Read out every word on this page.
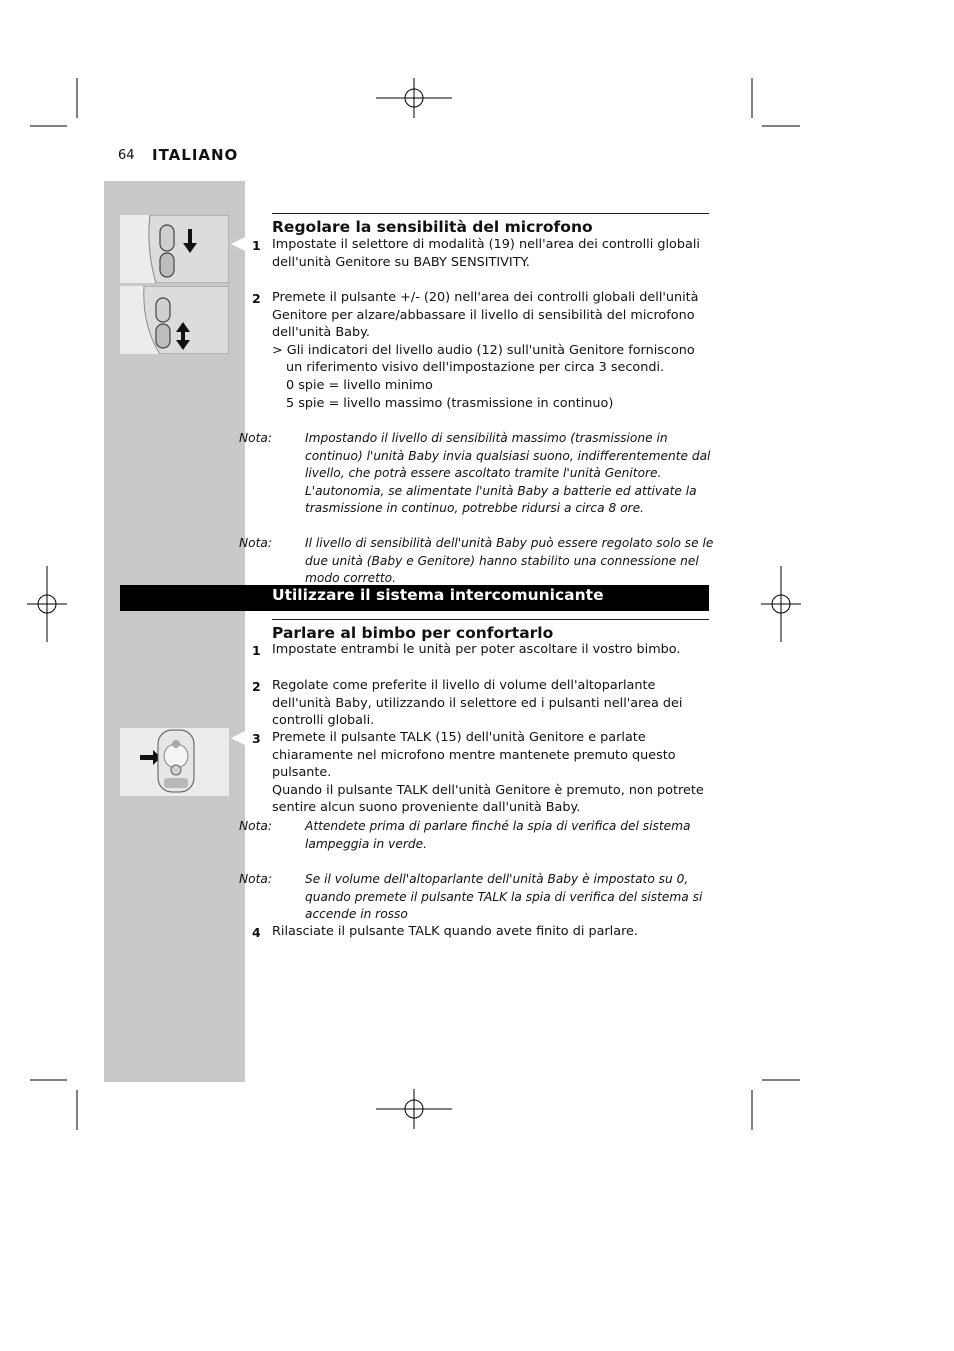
64 ITALIANO
Regolare la sensibilità del microfono
1 Impostate il selettore di modalità (19) nell'area dei controlli globali dell'unità Genitore su BABY SENSITIVITY.

2 Premete il pulsante +/- (20) nell'area dei controlli globali dell'unità Genitore per alzare/abbassare il livello di sensibilità del microfono dell'unità Baby.

> Gli indicatori del livello audio (12) sull'unità Genitore forniscono un riferimento visivo dell'impostazione per circa 3 secondi.

0 spie = livello minimo

5 spie = livello massimo (trasmissione in continuo)

Nota:	Impostando il livello di sensibilità massimo (trasmissione in continuo) l'unità Baby invia qualsiasi suono, indifferentemente dal livello, che potrà essere ascoltato tramite l'unità Genitore. L'autonomia, se alimentate l'unità Baby a batterie ed attivate la trasmissione in continuo, potrebbe ridursi a circa 8 ore.

Nota:	Il livello di sensibilità dell'unità Baby può essere regolato solo se le due unità (Baby e Genitore) hanno stabilito una connessione nel modo corretto.

Utilizzare il sistema intercomunicante
Parlare al bimbo per confortarlo
1 Impostate entrambi le unità per poter ascoltare il vostro bimbo.

2 Regolate come preferite il livello di volume dell'altoparlante dell'unità Baby, utilizzando il selettore ed i pulsanti nell'area dei controlli globali.

3 Premete il pulsante TALK (15) dell'unità Genitore e parlate chiaramente nel microfono mentre mantenete premuto questo pulsante.

Quando il pulsante TALK dell'unità Genitore è premuto, non potrete sentire alcun suono proveniente dall'unità Baby.

Nota:	Attendete prima di parlare finché la spia di verifica del sistema lampeggia in verde.

Nota:	Se il volume dell'altoparlante dell'unità Baby è impostato su 0, quando premete il pulsante TALK la spia di verifica del sistema si accende in rosso

4 Rilasciate il pulsante TALK quando avete finito di parlare.
